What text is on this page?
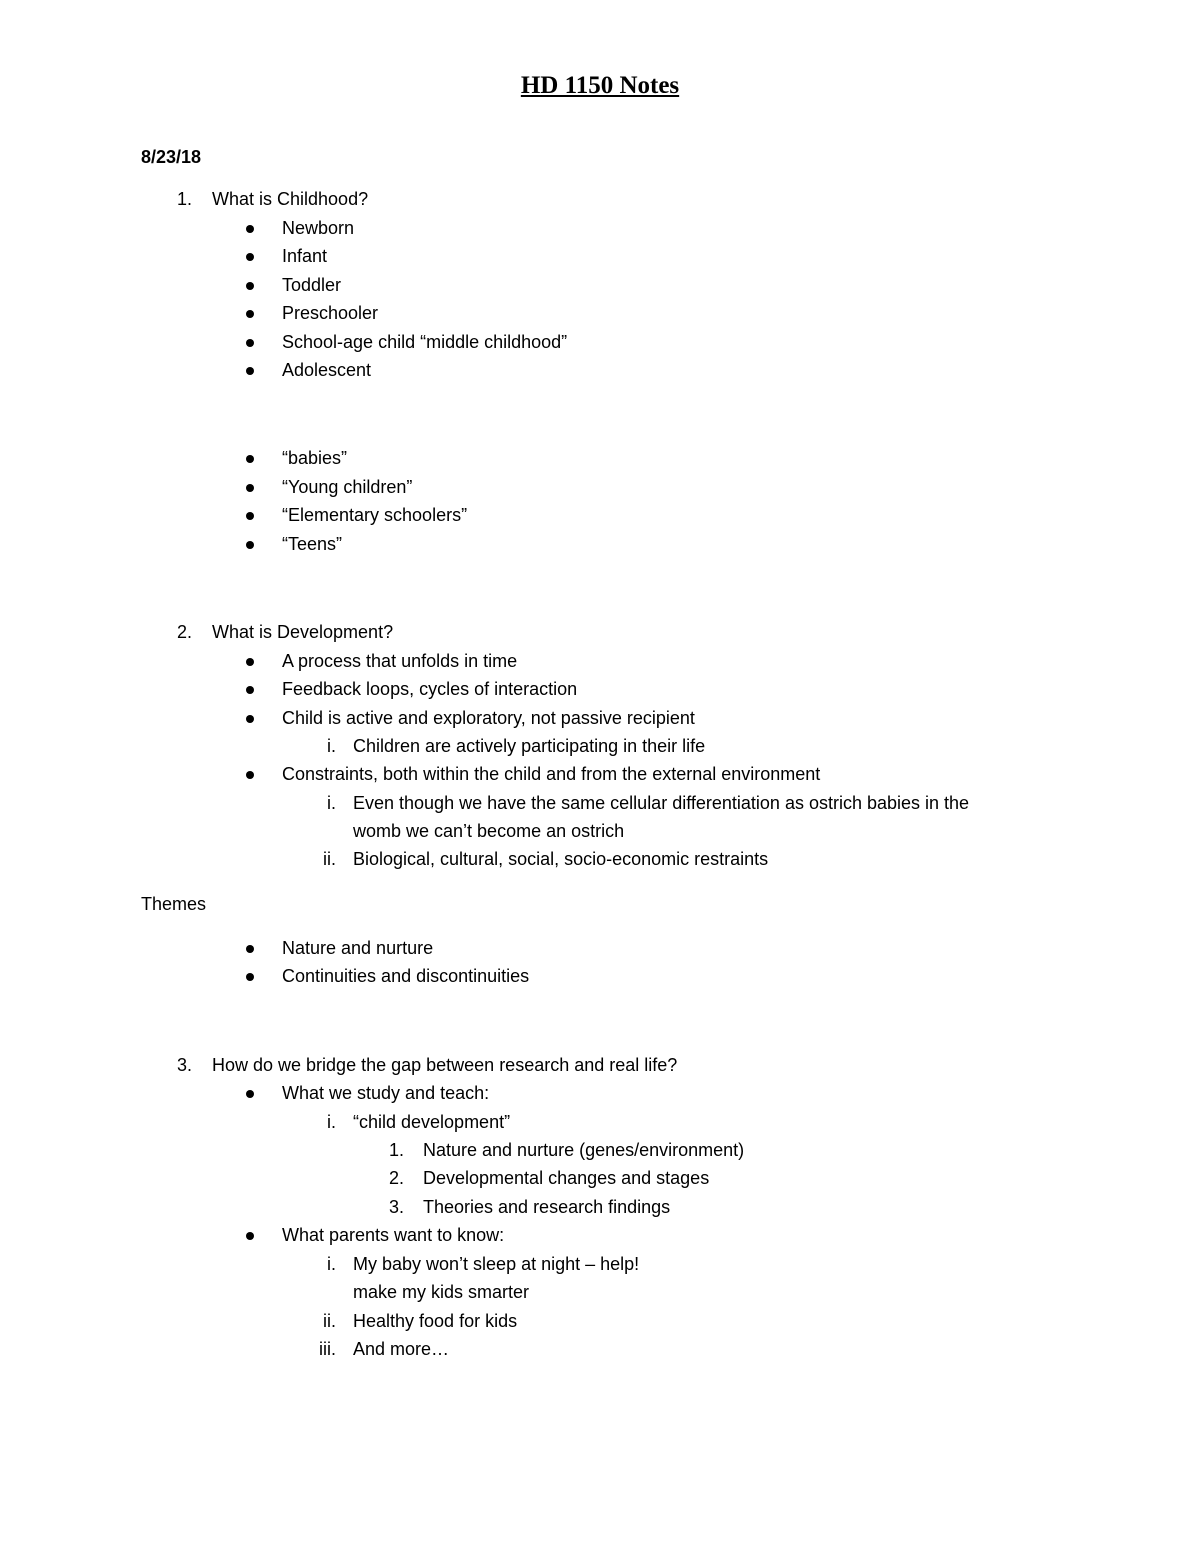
HD 1150 Notes
8/23/18
1. What is Childhood?
Newborn
Infant
Toddler
Preschooler
School-age child “middle childhood”
Adolescent
“babies”
“Young children”
“Elementary schoolers”
“Teens”
2. What is Development?
A process that unfolds in time
Feedback loops, cycles of interaction
Child is active and exploratory, not passive recipient
i. Children are actively participating in their life
Constraints, both within the child and from the external environment
i. Even though we have the same cellular differentiation as ostrich babies in the
womb we can’t become an ostrich
ii. Biological, cultural, social, socio-economic restraints
Themes
Nature and nurture
Continuities and discontinuities
3. How do we bridge the gap between research and real life?
What we study and teach:
i. “child development”
1. Nature and nurture (genes/environment)
2. Developmental changes and stages
3. Theories and research findings
What parents want to know:
i. My baby won’t sleep at night – help!
make my kids smarter
ii. Healthy food for kids
iii. And more…
